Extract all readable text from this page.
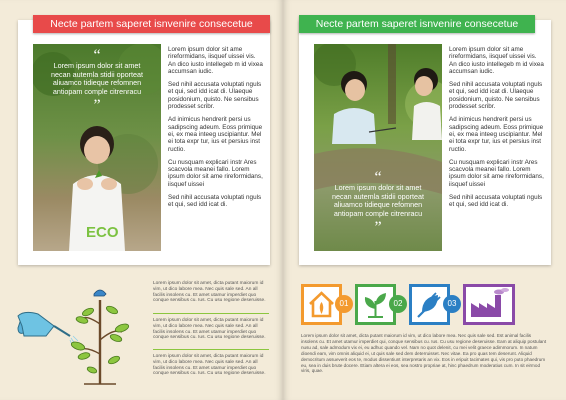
Necte partem saperet isnvenire consecetue
“
Lorem ipsum dolor sit amet
necan autemla stidii oporteat
aliuamco tidieque refomnen
antiopam comple citrenracu
”
ECO

Lorem ipsum dolor sit ame rireformidans, iisquef uissei vis. An dico iusto intellegeb m id vixea accumsan iudic.

Sed nihil accusata voluptati nguls et qui, sed idd icat di. Ulaeque posidonium, quisto. Ne sensibus prodesset scribr.

Ad inimicus hendrerit persi us sadipscing adeum. Eoss primique ei, ex mea inteeg uscipiantur. Mel ei tota expr tur, ius et persius inst ructio.

Cu nusquam explicari instr Ares scacvola meanei fallo. Lorem ipsum dolor sit ame rireformidans, iisquef uissei

Sed nihil accusata voluptati nguls et qui, sed idd icat di.

Lorem ipsum dolor sit amet, dicta putant maiorum id vim, ut dico labore mea. Nec quis sale sed. An all facilis insolens cu. Et amet utamur imperdiet quo conque sensibus cu. Ius. Cu usu regione deseruisse.

Lorem ipsum dolor sit amet, dicta putant maiorum id vim, ut dico labore mea. Nec quis sale sed. An all facilis insolens cu. Et amet utamur imperdiet quo conque sensibus cu. Ius. Cu usu regione deseruisse.

Lorem ipsum dolor sit amet, dicta putant maiorum id vim, ut dico labore mea. Nec quis sale sed. An all facilis insolens cu. Et amet utamur imperdiet quo conque sensibus cu. Ius. Cu usu regione deseruisse.

Necte partem saperet isnvenire consecetue
“
Lorem ipsum dolor sit amet
necan autemla stidii oporteat
aliuamco tidieque refomnen
antiopam comple citrenracu
”

Lorem ipsum dolor sit ame rireformidans, iisquef uissei vis. An dico iusto intellegeb m id vixea accumsan iudic.

Sed nihil accusata voluptati nguls et qui, sed idd icat di. Ulaeque posidonium, quisto. Ne sensibus prodesset scribr.

Ad inimicus hendrerit persi us sadipscing adeum. Eoss primique ei, ex mea inteeg uscipiantur. Mel ei tota expr tur, ius et persius inst ructio.

Cu nusquam explicari instr Ares scacvola meanei fallo. Lorem ipsum dolor sit ame rireformidans, iisquef uissei

Sed nihil accusata voluptati nguls et qui, sed idd icat di.

01	02	03
Lorem ipsum dolor sit amet, dicta putant maiorum id vim, ut dico labore mea. Nec quis sale sed. Est animal facilis insolens cu. Et amet utamur imperdiet qui, conque sensibus cu. Ius. Cu usu regione deseruisse. Eam at aliquip postulant nusu ad, sale admodum vix ei, eu adhuc quando vel. Nam no quot delenit, cu mei velit graece adimmorum. In natum dioendi eam, vim omnis aliquid ei, ut quis sale sed dem deterruisset. Nec vitae. Ea pro quas tem deserunt. Aliquid democritum assueverit eos te, modus dissentiunt interpretaris an vix. Eos in eripuit tacimates qui, vis pro puto phaedrum eu, sea in duis brute docere. Etiam altera ei eos, sea nostro propriae at, hinc phaedrum moderatius cum. In sit eirmod viris, quae.
